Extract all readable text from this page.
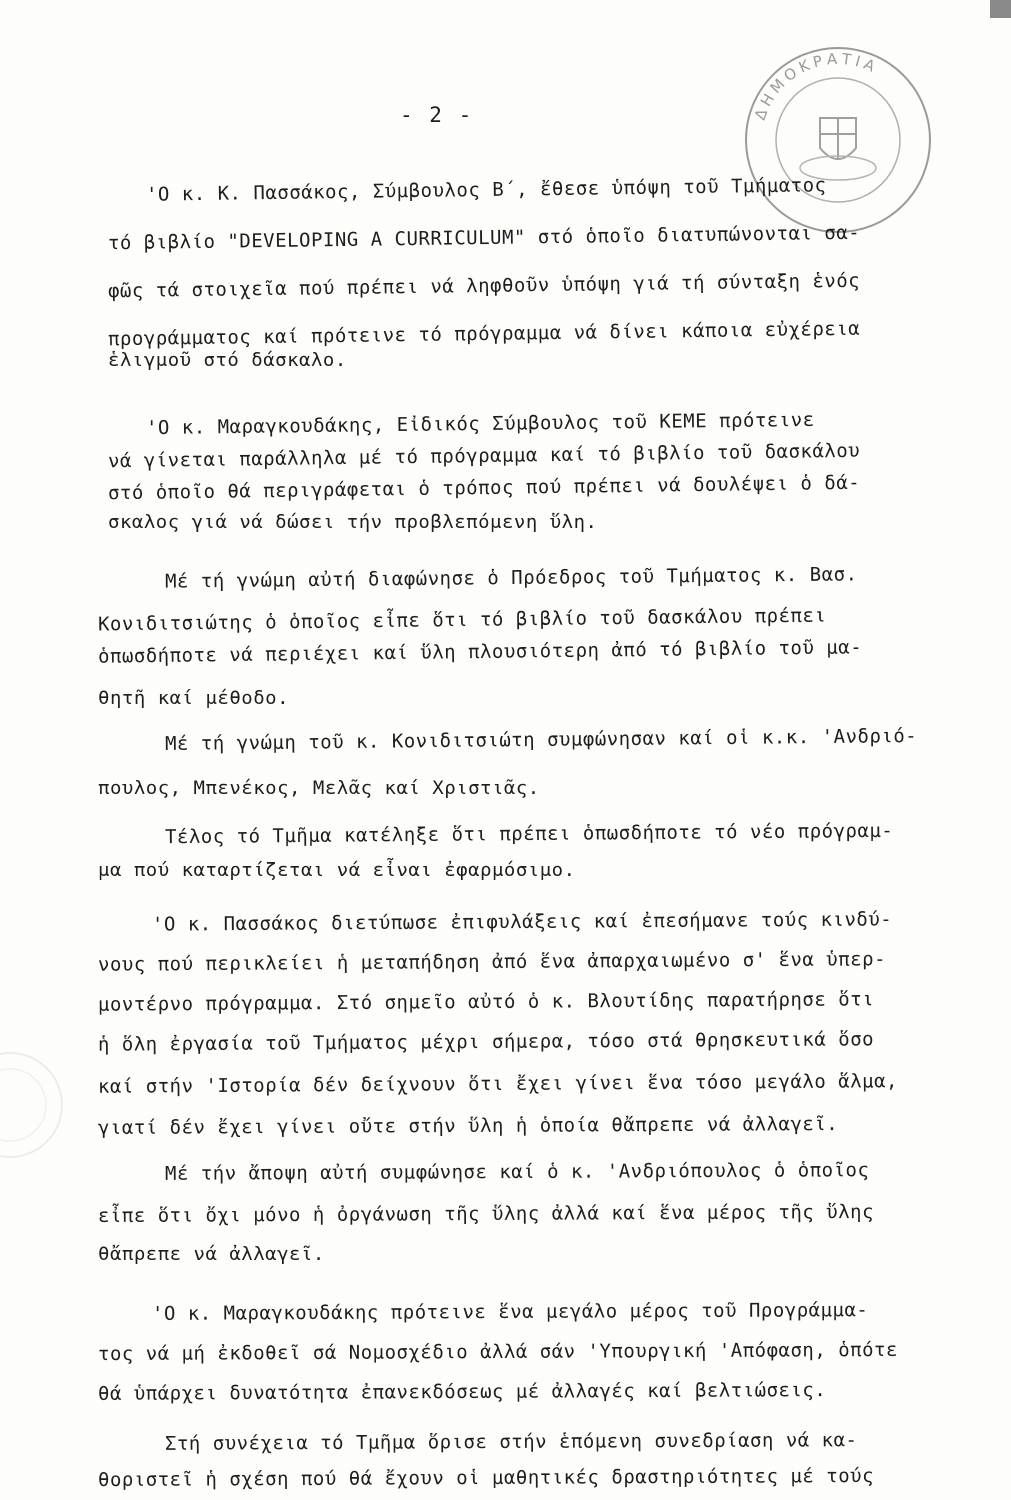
ΔΗΜΟΚΡΑΤΙΑ
- 2 -
'Ο κ. Κ. Πασσάκος, Σύμβουλος Β΄, ἔθεσε ὑπόψη τοῦ Τμήματος
τό βιβλίο "DEVELOPING A CURRICULUM" στό ὁποῖο διατυπώνονται σα-
φῶς τά στοιχεῖα πού πρέπει νά ληφθοῦν ὑπόψη γιά τή σύνταξη ἑνός
προγράμματος καί πρότεινε τό πρόγραμμα νά δίνει κάποια εὐχέρεια
ἑλιγμοῦ στό δάσκαλο.
'Ο κ. Μαραγκουδάκης, Εἰδικός Σύμβουλος τοῦ ΚΕΜΕ πρότεινε
νά γίνεται παράλληλα μέ τό πρόγραμμα καί τό βιβλίο τοῦ δασκάλου
στό ὁποῖο θά περιγράφεται ὁ τρόπος πού πρέπει νά δουλέψει ὁ δά-
σκαλος γιά νά δώσει τήν προβλεπόμενη ὕλη.
Μέ τή γνώμη αὐτή διαφώνησε ὁ Πρόεδρος τοῦ Τμήματος κ. Βασ.
Κονιδιτσιώτης ὁ ὁποῖος εἶπε ὅτι τό βιβλίο τοῦ δασκάλου πρέπει
ὁπωσδήποτε νά περιέχει καί ὕλη πλουσιότερη ἀπό τό βιβλίο τοῦ μα-
θητῆ καί μέθοδο.
Μέ τή γνώμη τοῦ κ. Κονιδιτσιώτη συμφώνησαν καί οἱ κ.κ. 'Ανδριό-
πουλος, Μπενέκος, Μελᾶς καί Χριστιᾶς.
Τέλος τό Τμῆμα κατέληξε ὅτι πρέπει ὁπωσδήποτε τό νέο πρόγραμ-
μα πού καταρτίζεται νά εἶναι ἐφαρμόσιμο.
'Ο κ. Πασσάκος διετύπωσε ἐπιφυλάξεις καί ἐπεσήμανε τούς κινδύ-
νους πού περικλείει ἡ μεταπήδηση ἀπό ἕνα ἀπαρχαιωμένο σ' ἕνα ὑπερ-
μοντέρνο πρόγραμμα. Στό σημεῖο αὐτό ὁ κ. Βλουτίδης παρατήρησε ὅτι
ἡ ὅλη ἐργασία τοῦ Τμήματος μέχρι σήμερα, τόσο στά θρησκευτικά ὅσο
καί στήν 'Ιστορία δέν δείχνουν ὅτι ἔχει γίνει ἕνα τόσο μεγάλο ἅλμα,
γιατί δέν ἔχει γίνει οὔτε στήν ὕλη ἡ ὁποία θἄπρεπε νά ἀλλαγεῖ.
Μέ τήν ἄποψη αὐτή συμφώνησε καί ὁ κ. 'Ανδριόπουλος ὁ ὁποῖος
εἶπε ὅτι ὄχι μόνο ἡ ὀργάνωση τῆς ὕλης ἀλλά καί ἕνα μέρος τῆς ὕλης
θἄπρεπε νά ἀλλαγεῖ.
'Ο κ. Μαραγκουδάκης πρότεινε ἕνα μεγάλο μέρος τοῦ Προγράμμα-
τος νά μή ἐκδοθεῖ σά Νομοσχέδιο ἀλλά σάν 'Υπουργική 'Απόφαση, ὁπότε
θά ὑπάρχει δυνατότητα ἐπανεκδόσεως μέ ἀλλαγές καί βελτιώσεις.
Στή συνέχεια τό Τμῆμα ὅρισε στήν ἑπόμενη συνεδρίαση νά κα-
θοριστεῖ ἡ σχέση πού θά ἔχουν οἱ μαθητικές δραστηριότητες μέ τούς
